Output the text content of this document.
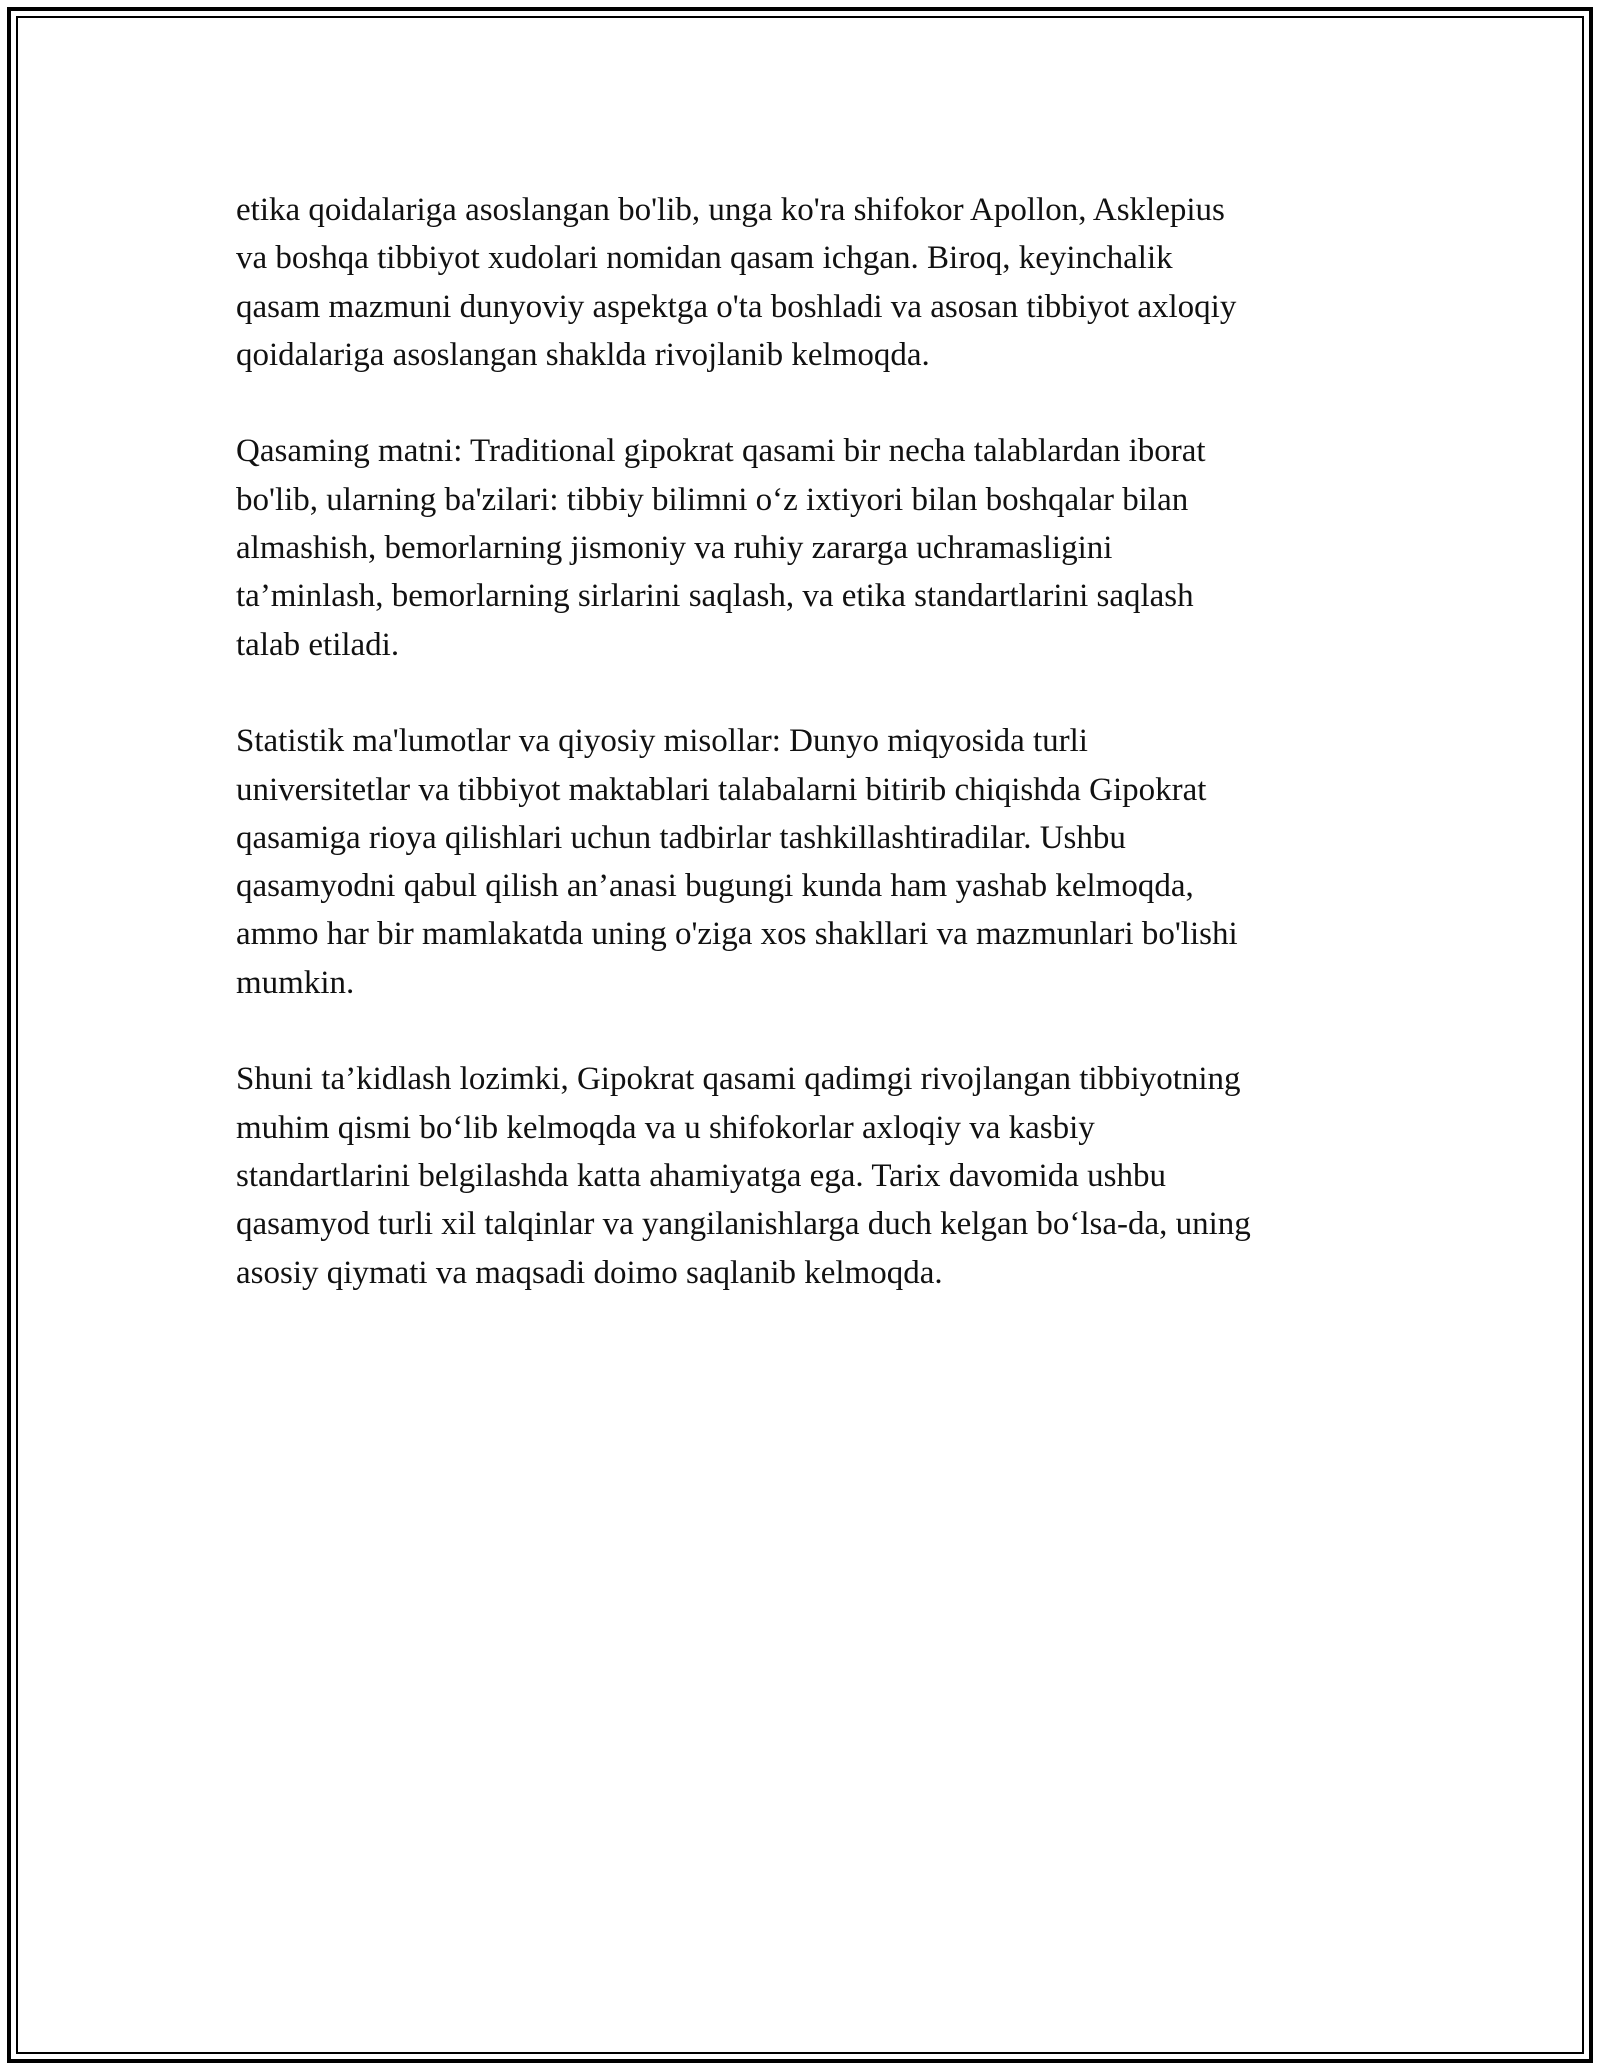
etika qoidalariga asoslangan bo'lib, unga ko'ra shifokor Apollon, Asklepius
va boshqa tibbiyot xudolari nomidan qasam ichgan. Biroq, keyinchalik
qasam mazmuni dunyoviy aspektga o'ta boshladi va asosan tibbiyot axloqiy
qoidalariga asoslangan shaklda rivojlanib kelmoqda.

Qasaming matni: Traditional gipokrat qasami bir necha talablardan iborat
bo'lib, ularning ba'zilari: tibbiy bilimni o‘z ixtiyori bilan boshqalar bilan
almashish, bemorlarning jismoniy va ruhiy zararga uchramasligini
ta’minlash, bemorlarning sirlarini saqlash, va etika standartlarini saqlash
talab etiladi.

Statistik ma'lumotlar va qiyosiy misollar: Dunyo miqyosida turli
universitetlar va tibbiyot maktablari talabalarni bitirib chiqishda Gipokrat
qasamiga rioya qilishlari uchun tadbirlar tashkillashtiradilar. Ushbu
qasamyodni qabul qilish an’anasi bugungi kunda ham yashab kelmoqda,
ammo har bir mamlakatda uning o'ziga xos shakllari va mazmunlari bo'lishi
mumkin.

Shuni ta’kidlash lozimki, Gipokrat qasami qadimgi rivojlangan tibbiyotning
muhim qismi bo‘lib kelmoqda va u shifokorlar axloqiy va kasbiy
standartlarini belgilashda katta ahamiyatga ega. Tarix davomida ushbu
qasamyod turli xil talqinlar va yangilanishlarga duch kelgan bo‘lsa-da, uning
asosiy qiymati va maqsadi doimo saqlanib kelmoqda.
